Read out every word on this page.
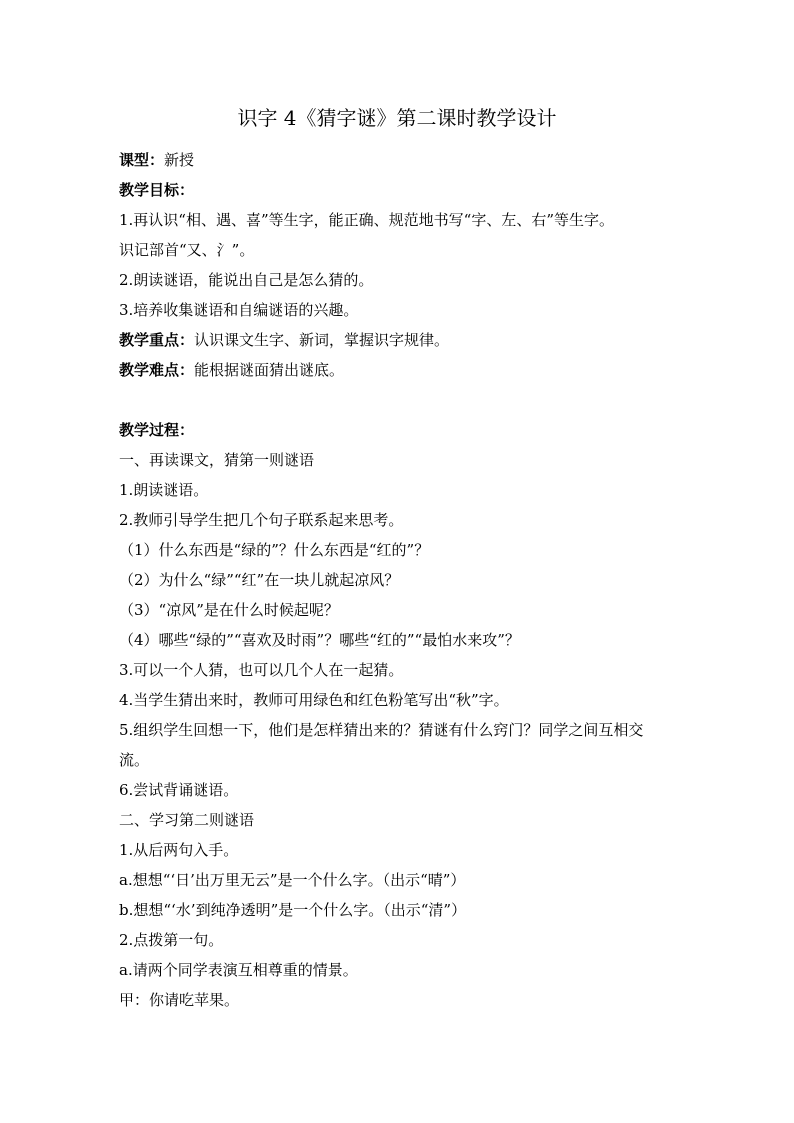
识字 4《猜字谜》第二课时教学设计
课型：新授
教学目标：
1.再认识“相、遇、喜”等生字，能正确、规范地书写“字、左、右”等生字。
识记部首“又、氵”。
2.朗读谜语，能说出自己是怎么猜的。
3.培养收集谜语和自编谜语的兴趣。
教学重点：认识课文生字、新词，掌握识字规律。
教学难点：能根据谜面猜出谜底。
教学过程：
一、再读课文，猜第一则谜语
1.朗读谜语。
2.教师引导学生把几个句子联系起来思考。
（1）什么东西是“绿的”？什么东西是“红的”？
（2）为什么“绿”“红”在一块儿就起凉风？
（3）“凉风”是在什么时候起呢？
（4）哪些“绿的”“喜欢及时雨”？哪些“红的”“最怕水来攻”？
3.可以一个人猜，也可以几个人在一起猜。
4.当学生猜出来时，教师可用绿色和红色粉笔写出“秋”字。
5.组织学生回想一下，他们是怎样猜出来的？猜谜有什么窍门？同学之间互相交
流。
6.尝试背诵谜语。
二、学习第二则谜语
1.从后两句入手。
a.想想“‘日’出万里无云”是一个什么字。（出示“晴”）
b.想想“‘水’到纯净透明”是一个什么字。（出示“清”）
2.点拨第一句。
a.请两个同学表演互相尊重的情景。
甲：你请吃苹果。
